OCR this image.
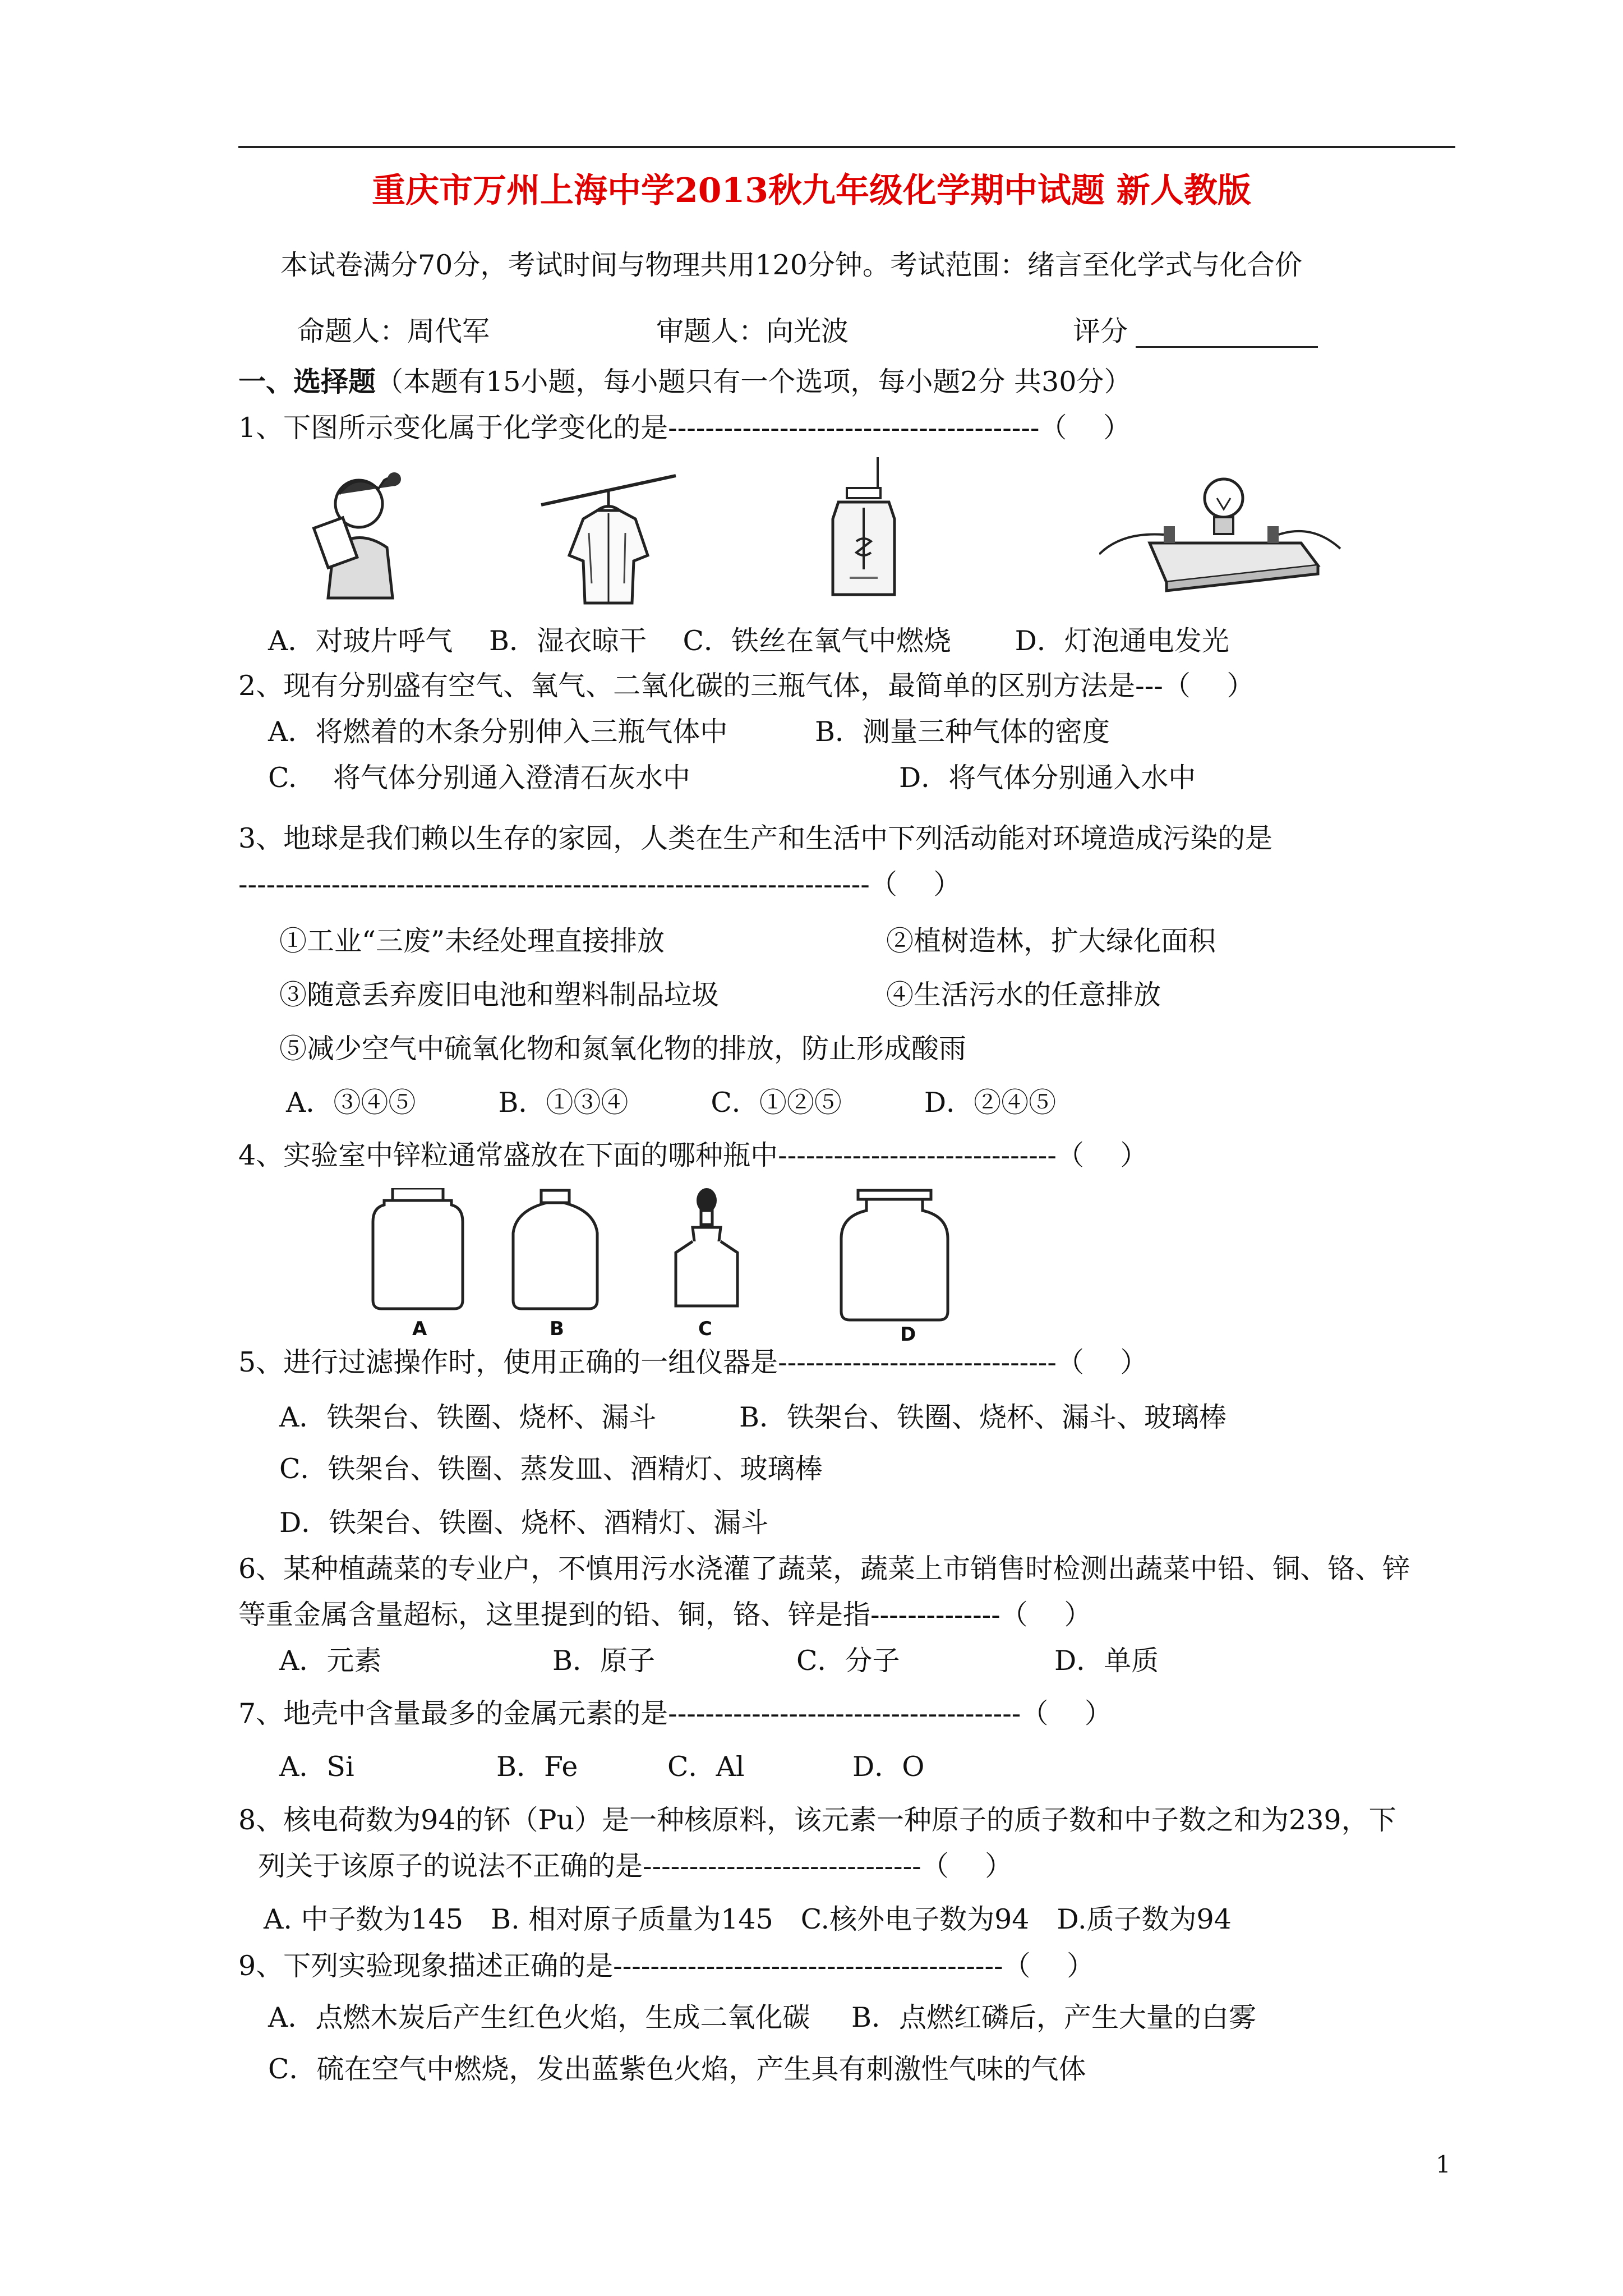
重庆市万州上海中学2013秋九年级化学期中试题 新人教版
本试卷满分70分，考试时间与物理共用120分钟。考试范围：绪言至化学式与化合价
命题人：周代军	审题人：向光波	评分
一、选择题（本题有15小题，每小题只有一个选项，每小题2分 共30分）
1、下图所示变化属于化学变化的是----------------------------------------（　 ）
A．对玻片呼气　 B．湿衣晾干　 C．铁丝在氧气中燃烧　　 D．灯泡通电发光
2、现有分别盛有空气、氧气、二氧化碳的三瓶气体，最简单的区别方法是---（　 ）
A．将燃着的木条分别伸入三瓶气体中	B．测量三种气体的密度
C.　 将气体分别通入澄清石灰水中	D．将气体分别通入水中
3、地球是我们赖以生存的家园，人类在生产和生活中下列活动能对环境造成污染的是
--------------------------------------------------------------------（　 ）
①工业“三废”未经处理直接排放	②植树造林，扩大绿化面积
③随意丢弃废旧电池和塑料制品垃圾	④生活污水的任意排放
⑤减少空气中硫氧化物和氮氧化物的排放，防止形成酸雨
A．③④⑤　　　B．①③④　　　C．①②⑤　　　D．②④⑤
4、实验室中锌粒通常盛放在下面的哪种瓶中------------------------------（　 ）
A	B	C	D
5、进行过滤操作时，使用正确的一组仪器是------------------------------（　 ）
A．铁架台、铁圈、烧杯、漏斗	B．铁架台、铁圈、烧杯、漏斗、玻璃棒
C．铁架台、铁圈、蒸发皿、酒精灯、玻璃棒
D．铁架台、铁圈、烧杯、酒精灯、漏斗
6、某种植蔬菜的专业户，不慎用污水浇灌了蔬菜，蔬菜上市销售时检测出蔬菜中铅、铜、铬、锌
等重金属含量超标，这里提到的铅、铜，铬、锌是指--------------（　 ）
A．元素	B．原子	C．分子	D．单质
7、地壳中含量最多的金属元素的是--------------------------------------（　 ）
A．Si	B．Fe	C．Al	D．O
8、核电荷数为94的钚（Pu）是一种核原料，该元素一种原子的质子数和中子数之和为239，下
列关于该原子的说法不正确的是------------------------------（　 ）
A. 中子数为145　B. 相对原子质量为145　C.核外电子数为94　D.质子数为94
9、下列实验现象描述正确的是------------------------------------------（　 ）
A．点燃木炭后产生红色火焰，生成二氧化碳 B．点燃红磷后，产生大量的白雾
C．硫在空气中燃烧，发出蓝紫色火焰，产生具有刺激性气味的气体
1
